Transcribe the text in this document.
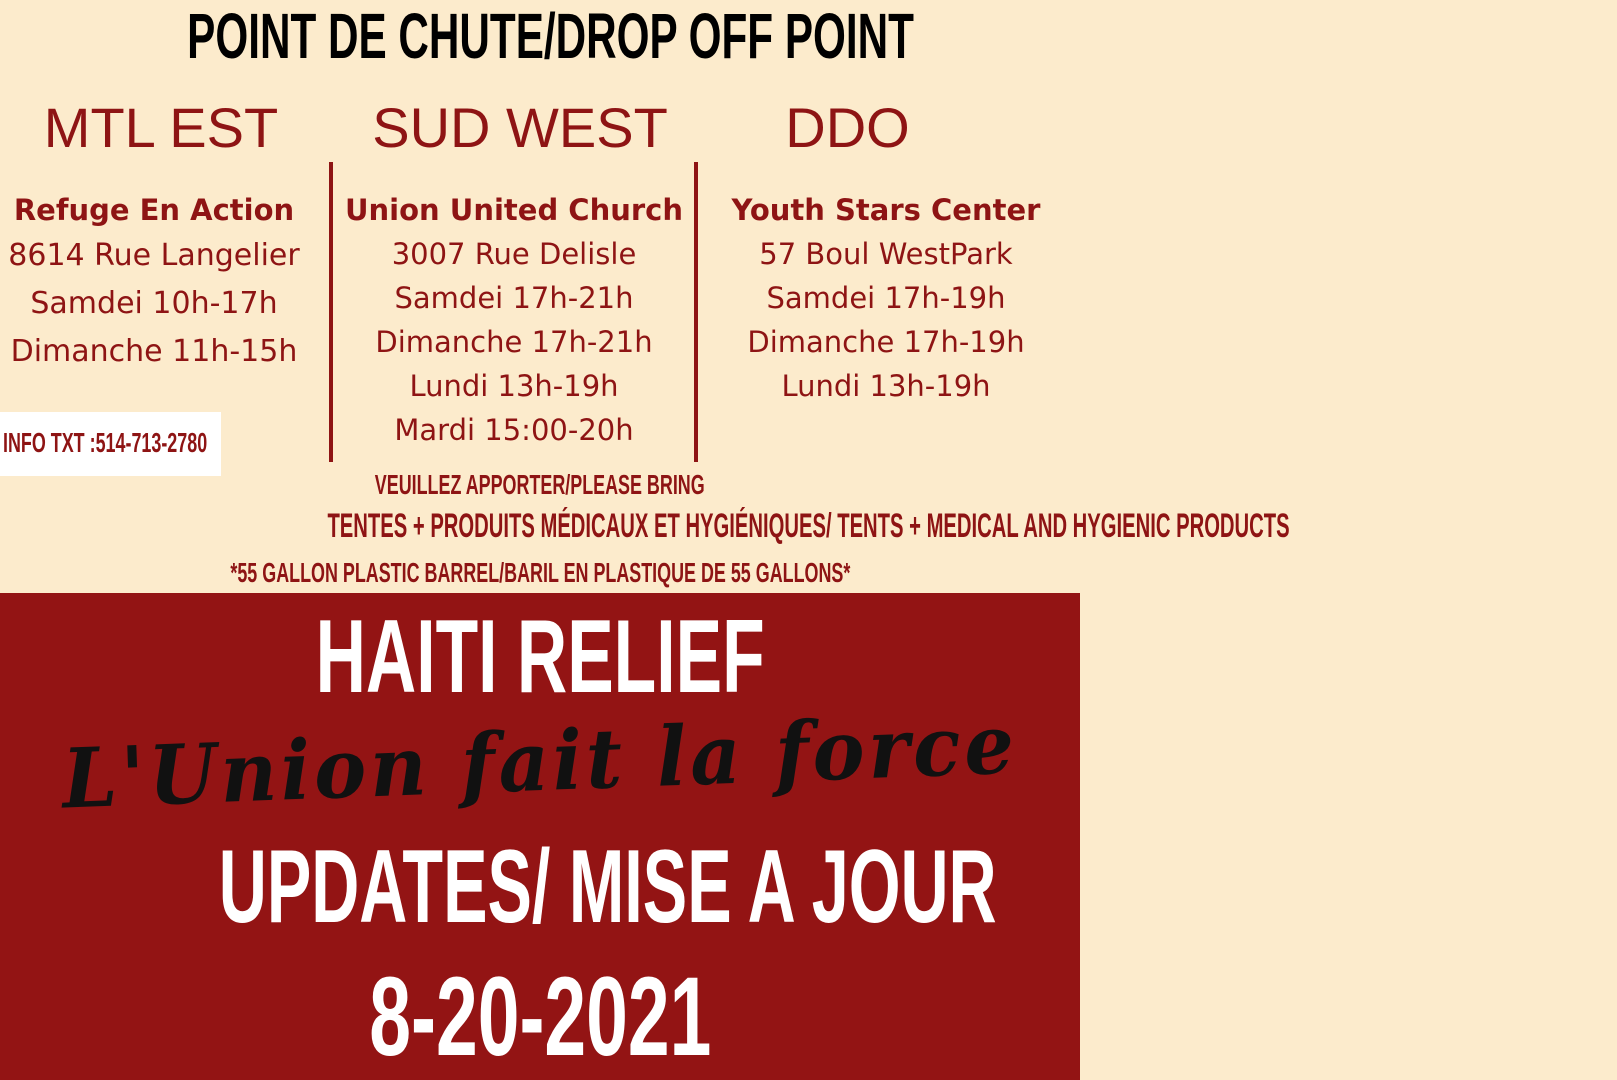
POINT DE CHUTE/DROP OFF POINT
MTL EST	SUD WEST	DDO
Refuge En Action
8614 Rue Langelier
Samdei 10h-17h
Dimanche 11h-15h
Union United Church
3007 Rue Delisle
Samdei 17h-21h
Dimanche 17h-21h
Lundi 13h-19h
Mardi 15:00-20h
Youth Stars Center
57 Boul WestPark
Samdei 17h-19h
Dimanche 17h-19h
Lundi 13h-19h
INFO TXT :514-713-2780
VEUILLEZ APPORTER/PLEASE BRING
TENTES + PRODUITS MÉDICAUX ET HYGIÉNIQUES/ TENTS + MEDICAL AND HYGIENIC PRODUCTS
*55 GALLON PLASTIC BARREL/BARIL EN PLASTIQUE DE 55 GALLONS*
HAITI RELIEF
L'Union fait la force
UPDATES/ MISE A JOUR
8-20-2021
